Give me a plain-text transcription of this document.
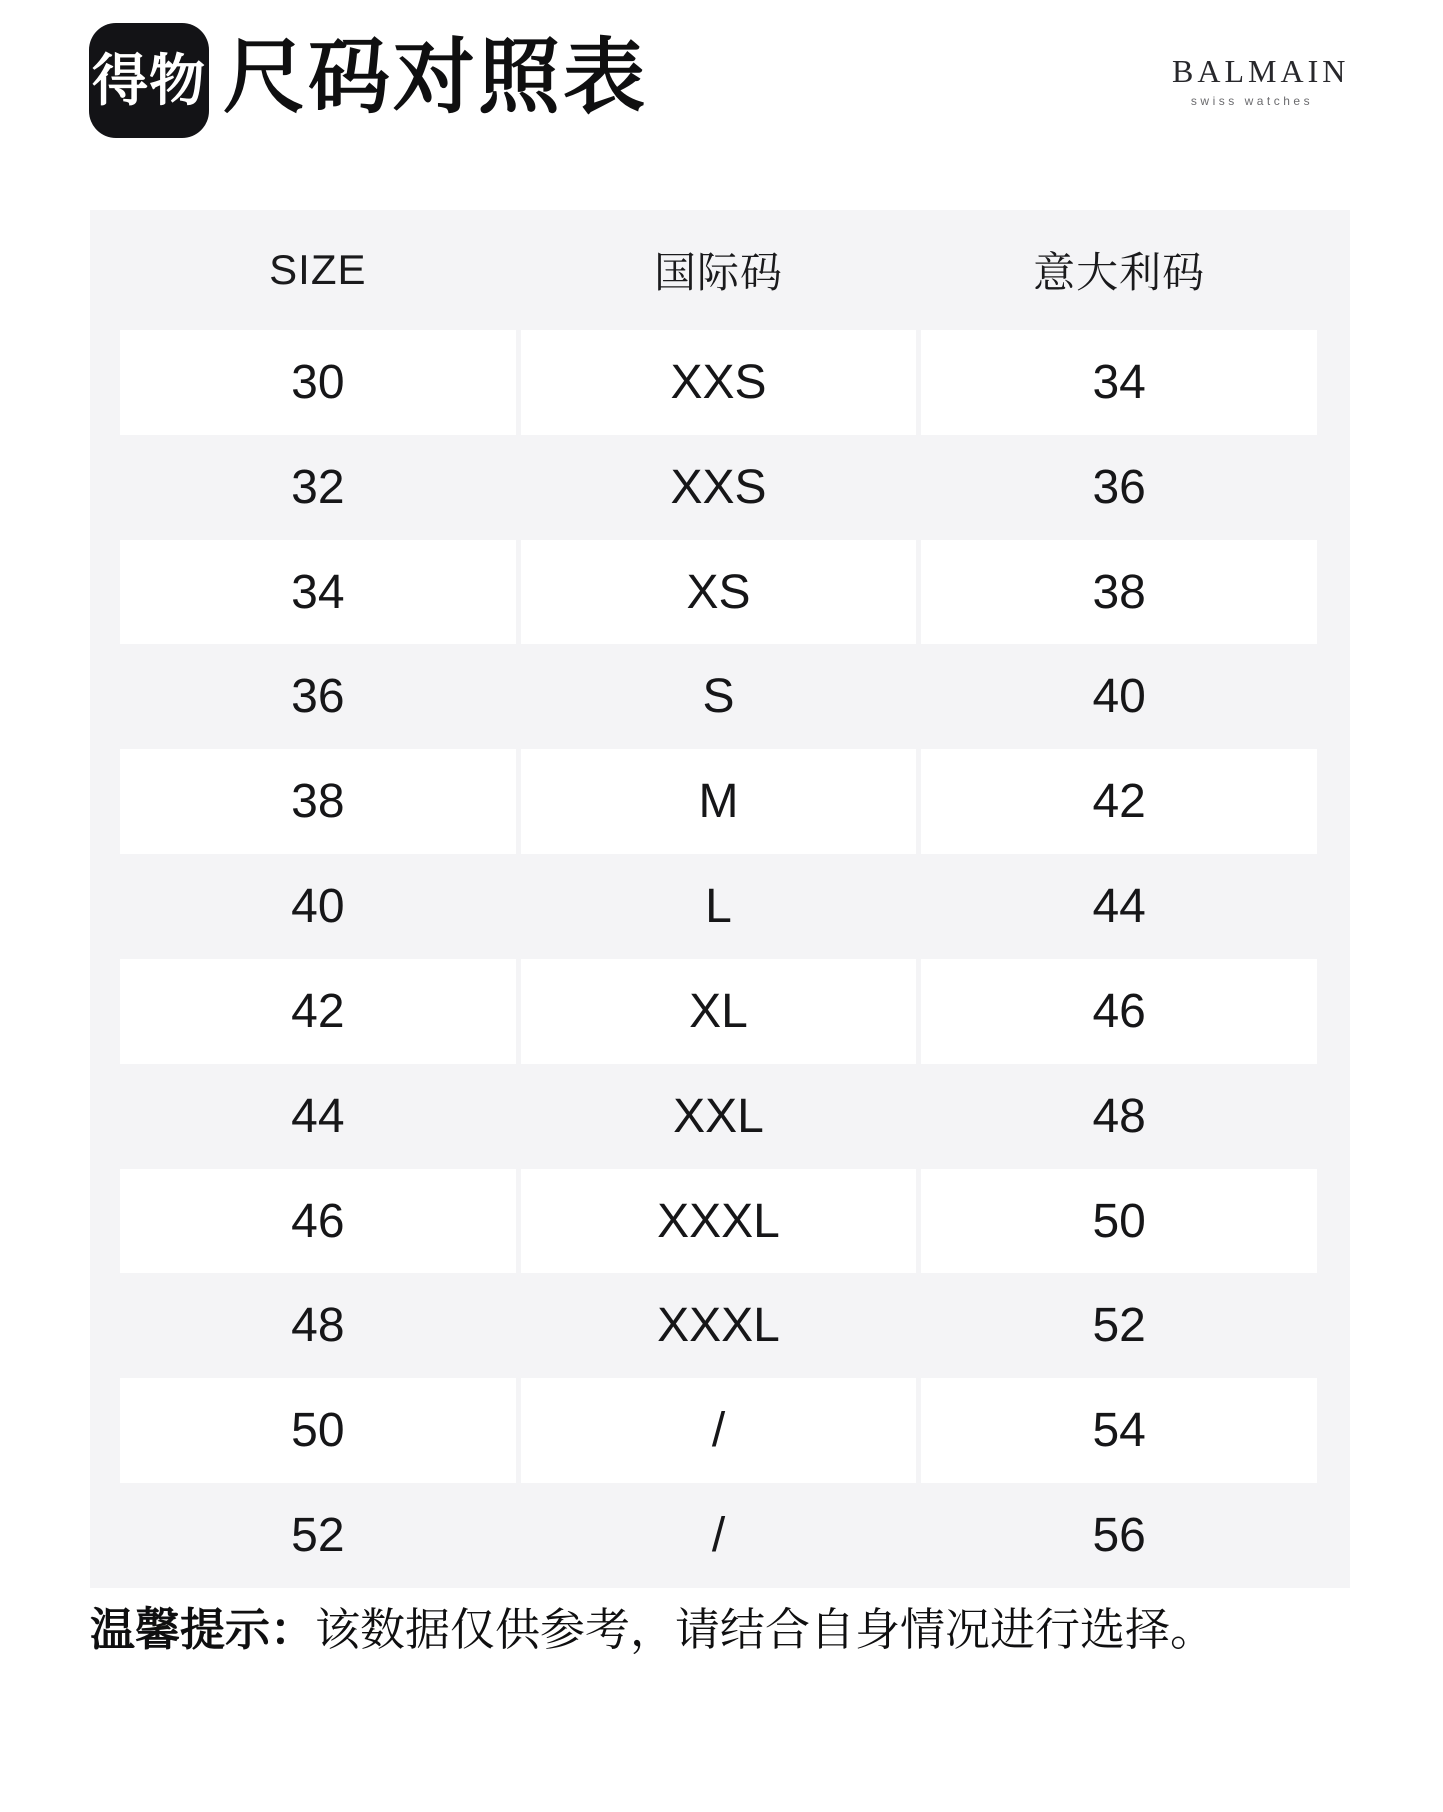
得物 尺码对照表	BALMAIN
swiss watches
SIZE	国际码	意大利码
30	XXS	34
32	XXS	36
34	XS	38
36	S	40
38	M	42
40	L	44
42	XL	46
44	XXL	48
46	XXXL	50
48	XXXL	52
50	/	54
52	/	56
温馨提示：该数据仅供参考，请结合自身情况进行选择。
